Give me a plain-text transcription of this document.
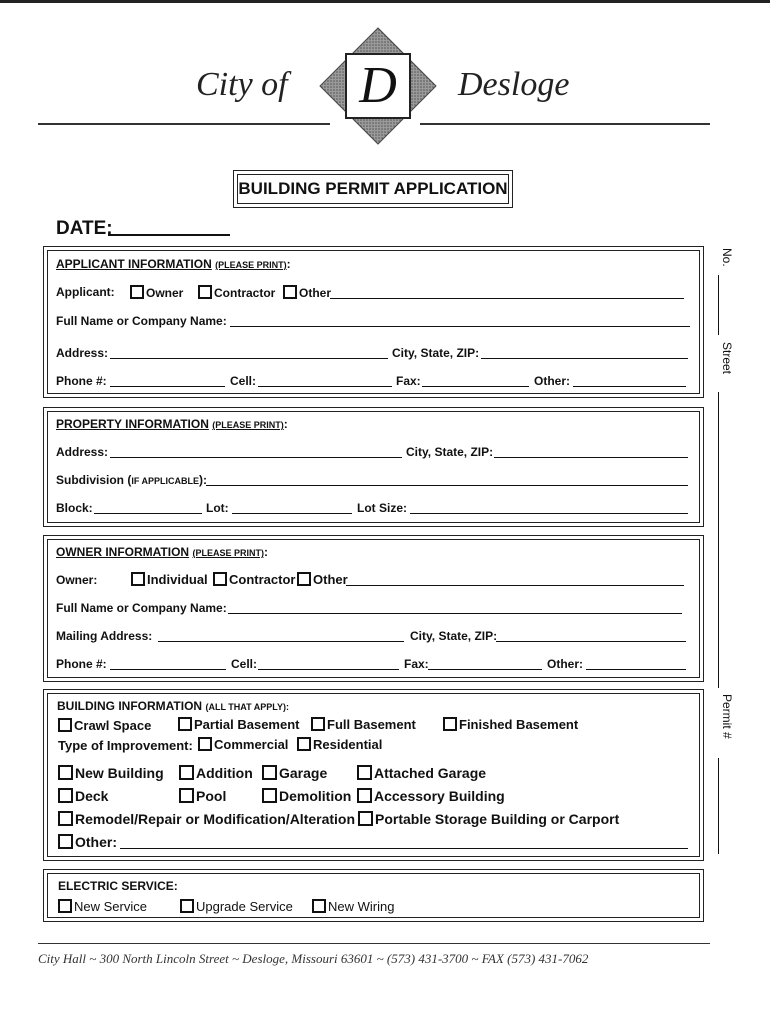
City of	Desloge
D
BUILDING PERMIT APPLICATION
DATE:
APPLICANT INFORMATION (PLEASE PRINT):
Applicant:	Owner	Contractor	Other
Full Name or Company Name:
Address:	City, State, ZIP:
Phone #:	Cell:	Fax:	Other:
PROPERTY INFORMATION (PLEASE PRINT):
Address:	City, State, ZIP:
Subdivision (IF APPLICABLE):
Block:	Lot:	Lot Size:
OWNER INFORMATION (PLEASE PRINT):
Owner:	Individual	Contractor	Other
Full Name or Company Name:
Mailing Address:	City, State, ZIP:
Phone #:	Cell:	Fax:	Other:
BUILDING INFORMATION (ALL THAT APPLY):
Crawl Space	Partial Basement	Full Basement	Finished Basement
Type of Improvement:	Commercial	Residential
New Building	Addition	Garage	Attached Garage
Deck	Pool	Demolition	Accessory Building
Remodel/Repair or Modification/Alteration	Portable Storage Building or Carport
Other:
ELECTRIC SERVICE:
New Service	Upgrade Service	New Wiring
No.
Street
Permit #
City Hall ~ 300 North Lincoln Street ~ Desloge, Missouri 63601 ~ (573) 431-3700 ~ FAX (573) 431-7062
